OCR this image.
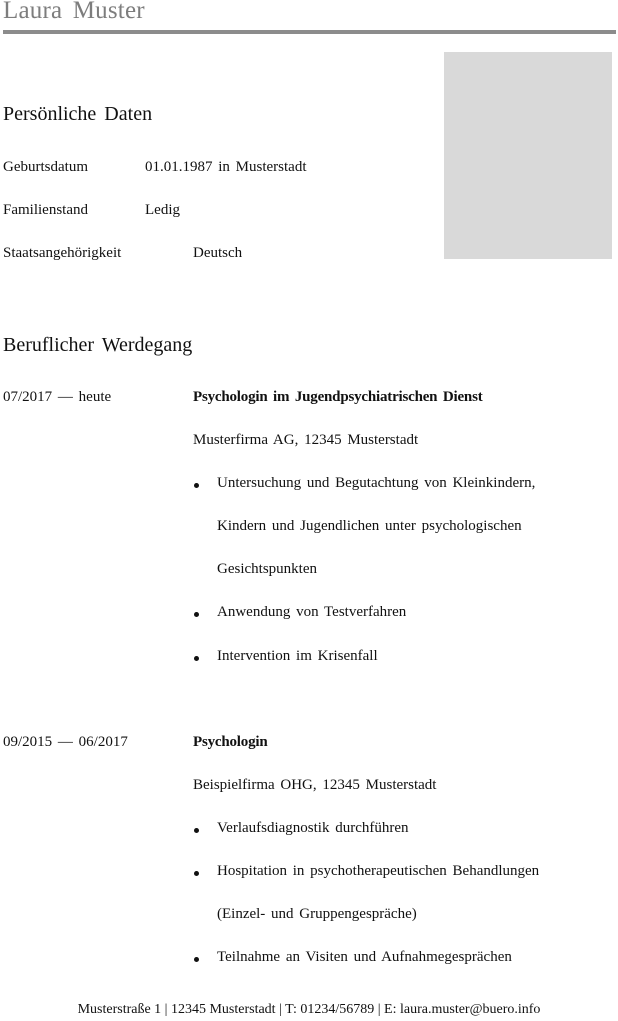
Laura Muster
Persönliche Daten
Geburtsdatum	01.01.1987 in Musterstadt
Familienstand	Ledig
Staatsangehörigkeit	Deutsch
Beruflicher Werdegang
07/2017 — heute	Psychologin im Jugendpsychiatrischen Dienst
Musterfirma AG, 12345 Musterstadt
Untersuchung und Begutachtung von Kleinkindern,
Kindern und Jugendlichen unter psychologischen
Gesichtspunkten
Anwendung von Testverfahren
Intervention im Krisenfall
09/2015 — 06/2017	Psychologin
Beispielfirma OHG, 12345 Musterstadt
Verlaufsdiagnostik durchführen
Hospitation in psychotherapeutischen Behandlungen
(Einzel- und Gruppengespräche)
Teilnahme an Visiten und Aufnahmegesprächen
Musterstraße 1 | 12345 Musterstadt | T: 01234/56789 | E: laura.muster@buero.info
